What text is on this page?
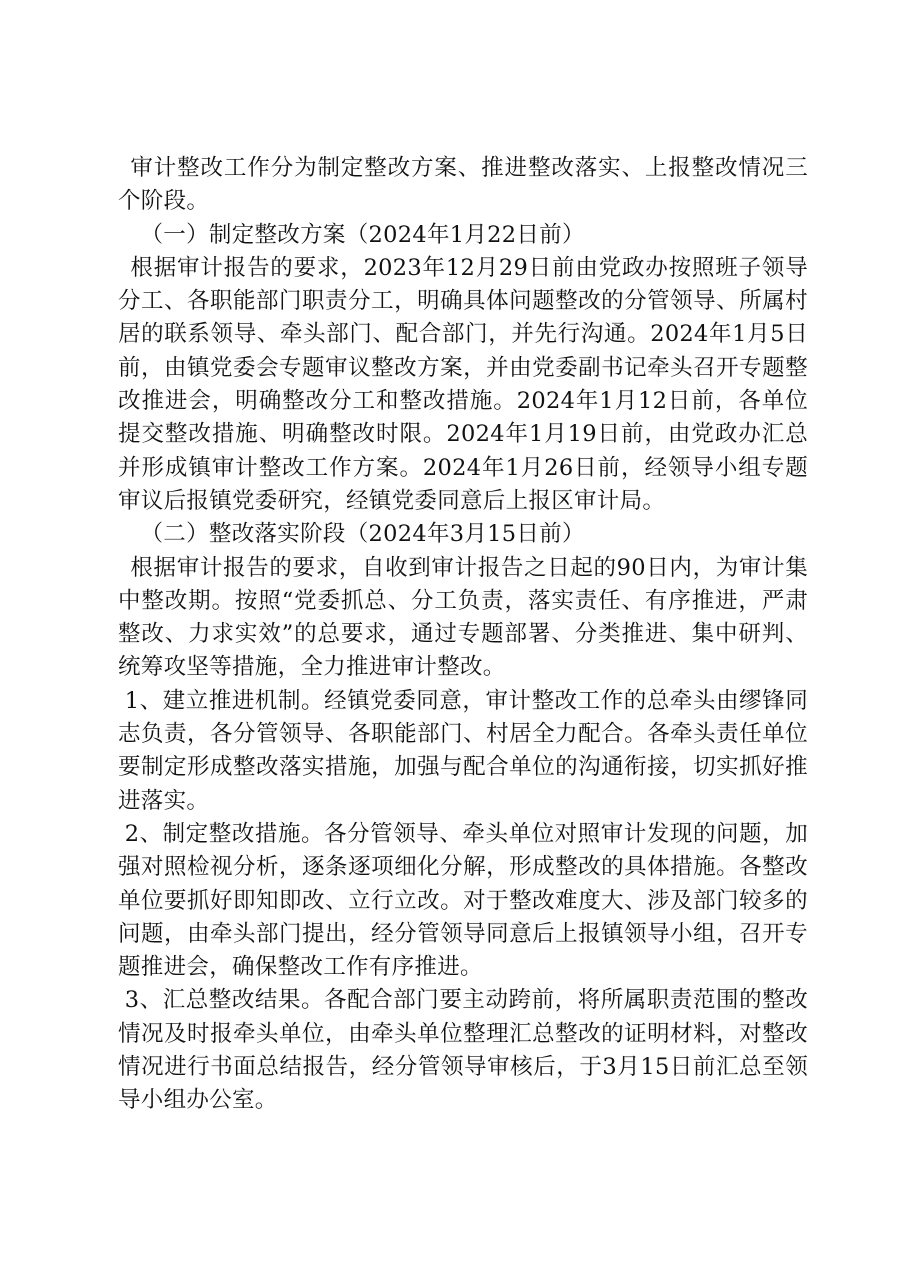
审计整改工作分为制定整改方案、推进整改落实、上报整改情况三个阶段。

（一）制定整改方案（2024年1月22日前）

根据审计报告的要求，2023年12月29日前由党政办按照班子领导分工、各职能部门职责分工，明确具体问题整改的分管领导、所属村居的联系领导、牵头部门、配合部门，并先行沟通。2024年1月5日前，由镇党委会专题审议整改方案，并由党委副书记牵头召开专题整改推进会，明确整改分工和整改措施。2024年1月12日前，各单位提交整改措施、明确整改时限。2024年1月19日前，由党政办汇总并形成镇审计整改工作方案。2024年1月26日前，经领导小组专题审议后报镇党委研究，经镇党委同意后上报区审计局。

（二）整改落实阶段（2024年3月15日前）

根据审计报告的要求，自收到审计报告之日起的90日内，为审计集中整改期。按照“党委抓总、分工负责，落实责任、有序推进，严肃整改、力求实效”的总要求，通过专题部署、分类推进、集中研判、统筹攻坚等措施，全力推进审计整改。

1、建立推进机制。经镇党委同意，审计整改工作的总牵头由缪锋同志负责，各分管领导、各职能部门、村居全力配合。各牵头责任单位要制定形成整改落实措施，加强与配合单位的沟通衔接，切实抓好推进落实。

2、制定整改措施。各分管领导、牵头单位对照审计发现的问题，加强对照检视分析，逐条逐项细化分解，形成整改的具体措施。各整改单位要抓好即知即改、立行立改。对于整改难度大、涉及部门较多的问题，由牵头部门提出，经分管领导同意后上报镇领导小组，召开专题推进会，确保整改工作有序推进。

3、汇总整改结果。各配合部门要主动跨前，将所属职责范围的整改情况及时报牵头单位，由牵头单位整理汇总整改的证明材料，对整改情况进行书面总结报告，经分管领导审核后，于3月15日前汇总至领导小组办公室。
